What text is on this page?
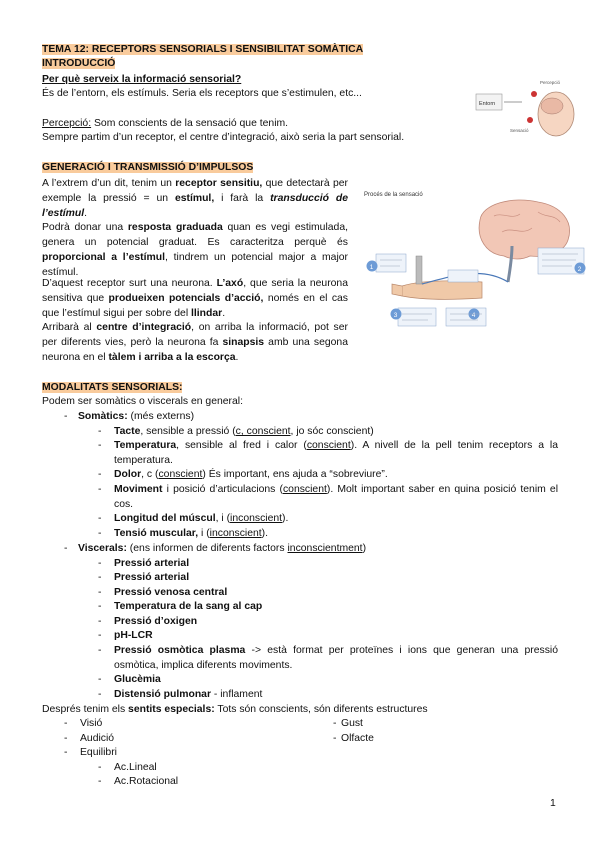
TEMA 12: RECEPTORS SENSORIALS I SENSIBILITAT SOMÀTICA
INTRODUCCIÓ
Per què serveix la informació sensorial?
És de l’entorn, els estímuls. Seria els receptors que s’estimulen, etc...
Percepció: Som conscients de la sensació que tenim.
Sempre partim d’un receptor, el centre d’integració, això seria la part sensorial.
Entorn
Percepció
Sensació
GENERACIÓ I TRANSMISSIÓ D’IMPULSOS
A l’extrem d’un dit, tenim un receptor sensitiu, que detectarà per exemple la pressió = un estímul, i farà la transducció de l’estímul.
Podrà donar una resposta graduada quan es vegi estimulada, genera un potencial graduat. Es caracteritza perquè és proporcional a l’estímul, tindrem un potencial major a major estímul.
D’aquest receptor surt una neurona. L’axó, que seria la neurona sensitiva que produeixen potencials d’acció, només en el cas que l’estímul sigui per sobre del llindar.
Arribarà al centre d’integració, on arriba la informació, pot ser per diferents vies, però la neurona fa sinapsis amb una segona neurona en el tàlem i arriba a la escorça.
Procés de la sensació
1	2
3	4
MODALITATS SENSORIALS:
Podem ser somàtics o viscerals en general:
- Somàtics: (més externs)
- Tacte, sensible a pressió (c, conscient, jo sóc conscient)
- Temperatura, sensible al fred i calor (conscient). A nivell de la pell tenim receptors a la temperatura.
- Dolor, c (conscient) És important, ens ajuda a “sobreviure”.
- Moviment i posició d’articulacions (conscient). Molt important saber en quina posició tenim el cos.
- Longitud del múscul, i (inconscient).
- Tensió muscular, i (inconscient).
- Viscerals: (ens informen de diferents factors inconscientment)
- Pressió arterial
- Pressió arterial
- Pressió venosa central
- Temperatura de la sang al cap
- Pressió d’oxigen
- pH-LCR
- Pressió osmòtica plasma -> està format per proteïnes i ions que generan una pressió osmòtica, implica diferents moviments.
- Glucèmia
- Distensió pulmonar - inflament
Després tenim els sentits especials: Tots són conscients, són diferents estructures
- Visió
- Audició
- Equilibri
- Gust
- Olfacte
- Ac.Lineal
- Ac.Rotacional
1
